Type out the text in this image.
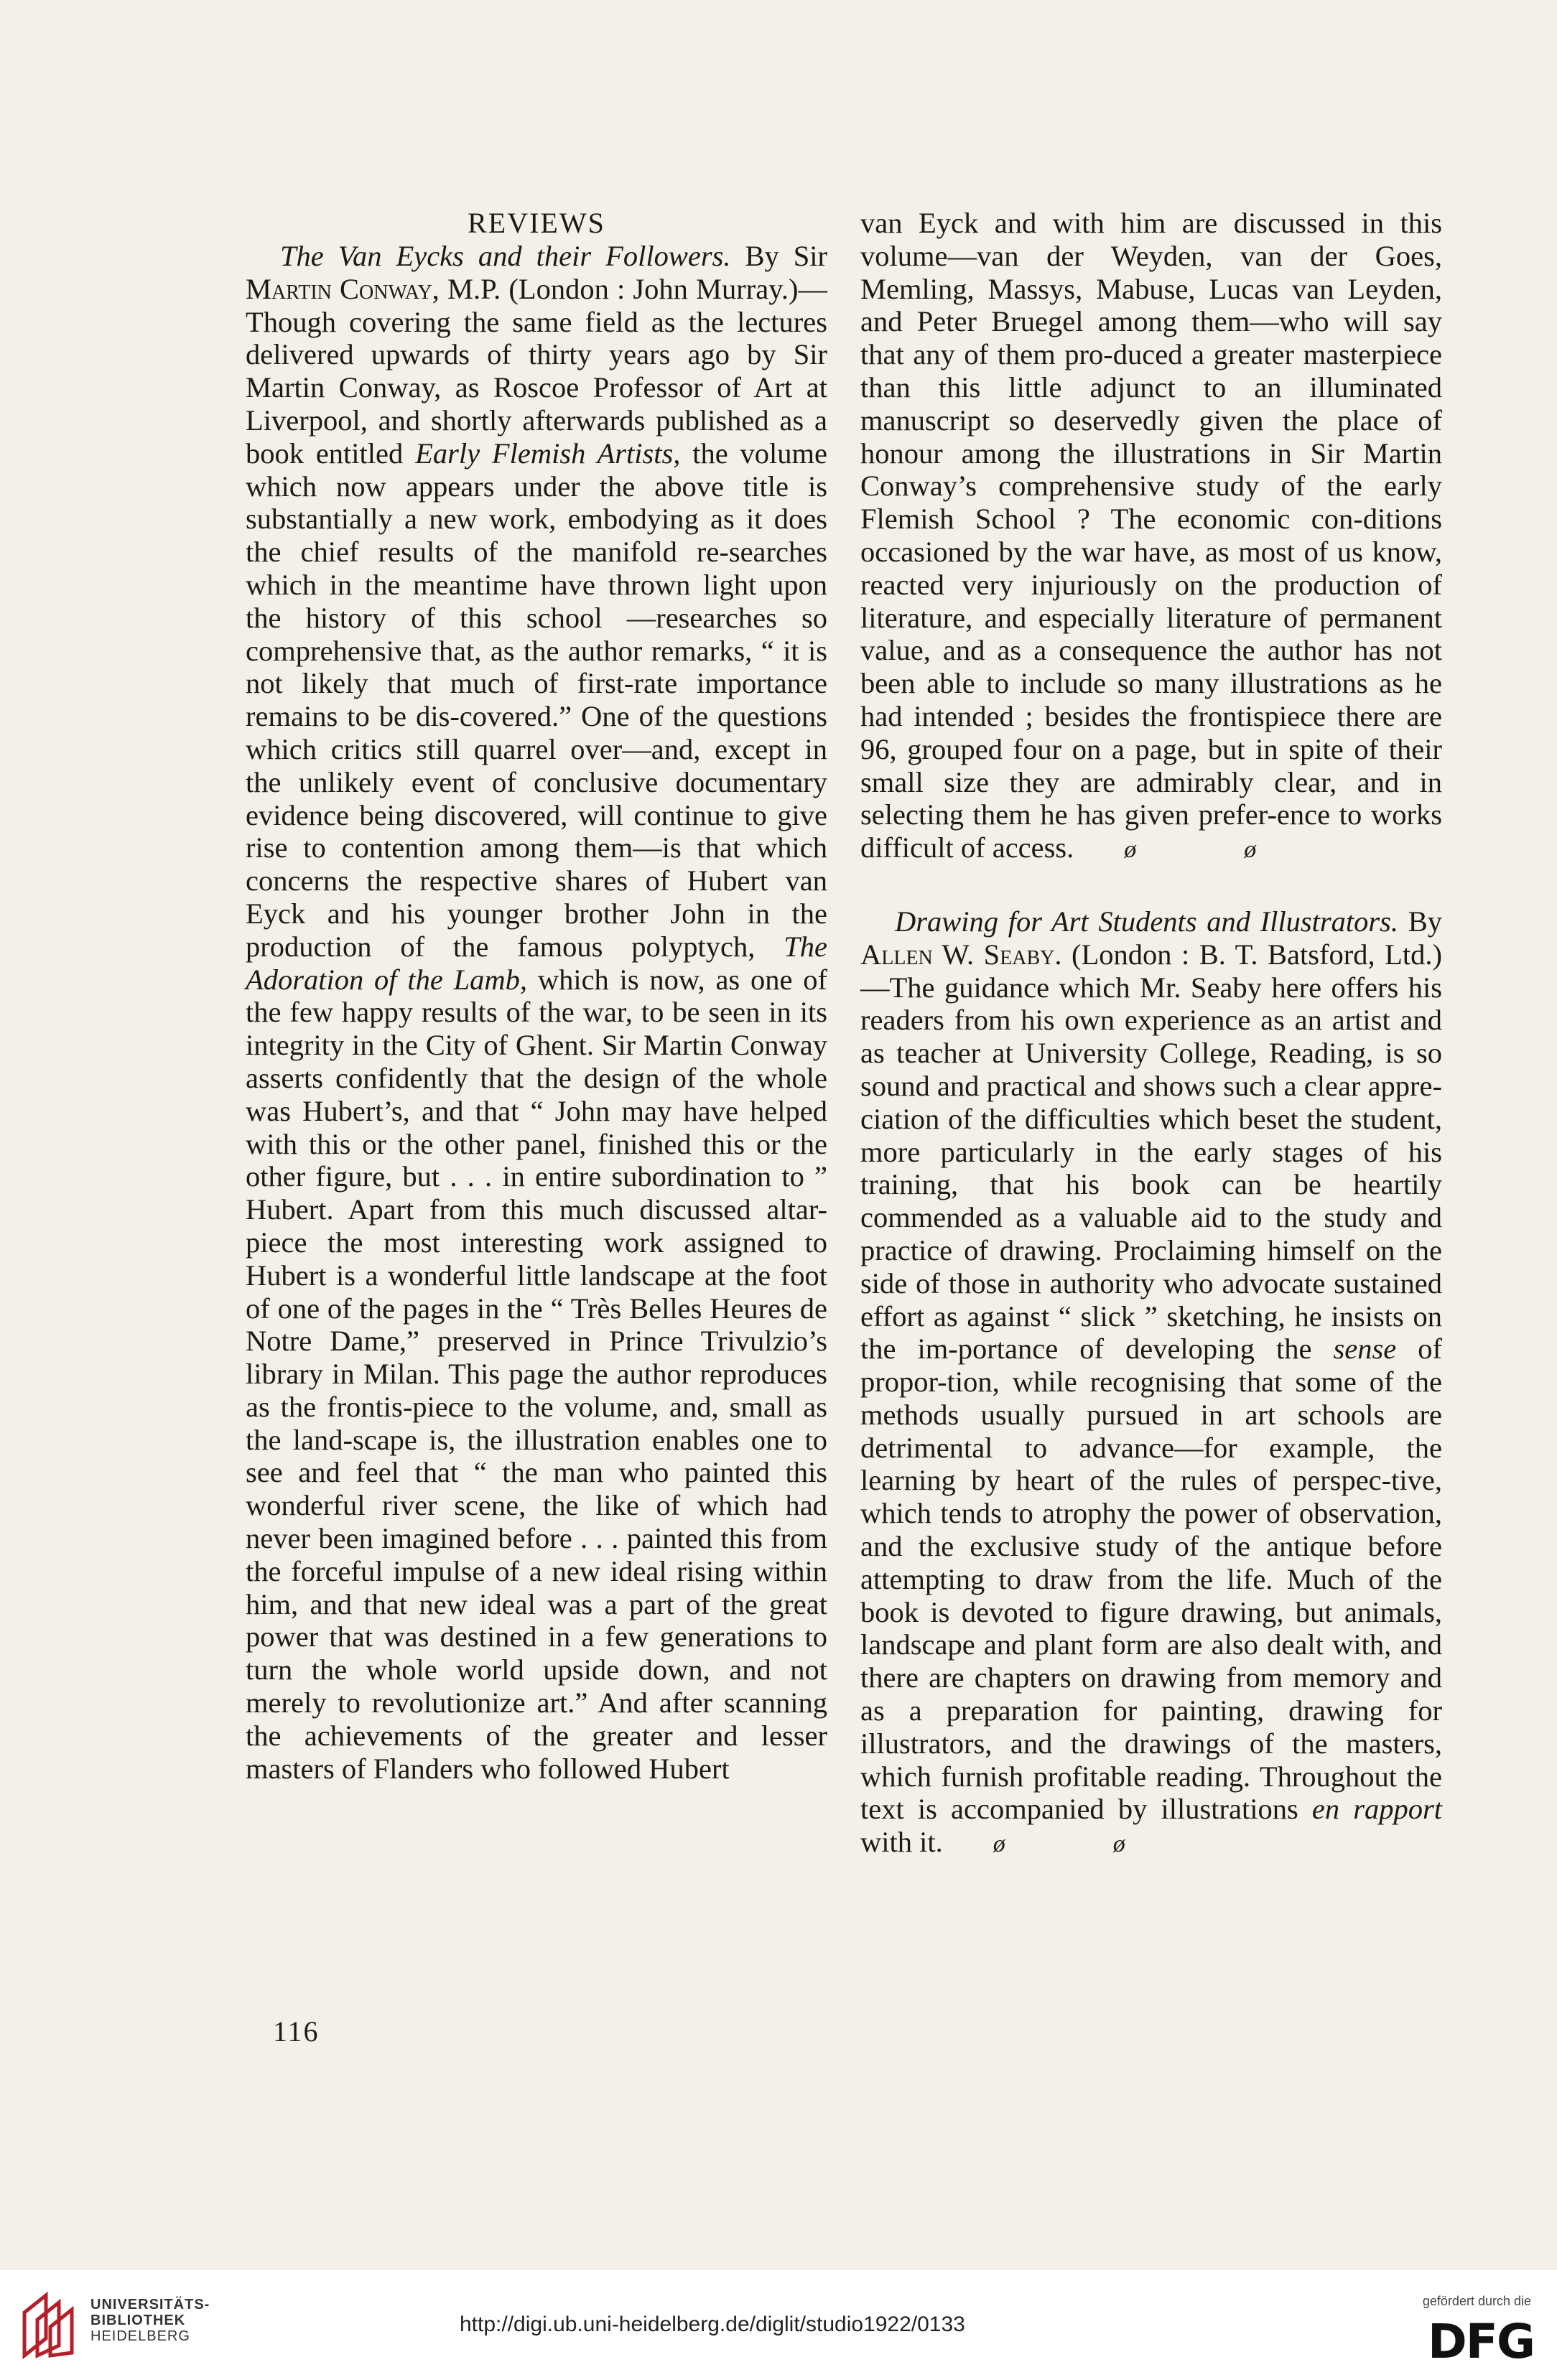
REVIEWS

The Van Eycks and their Followers. By Sir Martin Conway, M.P. (London : John Murray.)—Though covering the same field as the lectures delivered upwards of thirty years ago by Sir Martin Conway, as Roscoe Professor of Art at Liverpool, and shortly afterwards published as a book entitled Early Flemish Artists, the volume which now appears under the above title is substantially a new work, embodying as it does the chief results of the manifold re-searches which in the meantime have thrown light upon the history of this school —researches so comprehensive that, as the author remarks, “ it is not likely that much of first-rate importance remains to be dis-covered.” One of the questions which critics still quarrel over—and, except in the unlikely event of conclusive documentary evidence being discovered, will continue to give rise to contention among them—is that which concerns the respective shares of Hubert van Eyck and his younger brother John in the production of the famous polyptych, The Adoration of the Lamb, which is now, as one of the few happy results of the war, to be seen in its integrity in the City of Ghent. Sir Martin Conway asserts confidently that the design of the whole was Hubert’s, and that “ John may have helped with this or the other panel, finished this or the other figure, but . . . in entire subordination to ” Hubert. Apart from this much discussed altar-piece the most interesting work assigned to Hubert is a wonderful little landscape at the foot of one of the pages in the “ Très Belles Heures de Notre Dame,” preserved in Prince Trivulzio’s library in Milan. This page the author reproduces as the frontis-piece to the volume, and, small as the land-scape is, the illustration enables one to see and feel that “ the man who painted this wonderful river scene, the like of which had never been imagined before . . . painted this from the forceful impulse of a new ideal rising within him, and that new ideal was a part of the great power that was destined in a few generations to turn the whole world upside down, and not merely to revolutionize art.” And after scanning the achievements of the greater and lesser masters of Flanders who followed Hubert

van Eyck and with him are discussed in this volume—van der Weyden, van der Goes, Memling, Massys, Mabuse, Lucas van Leyden, and Peter Bruegel among them—who will say that any of them pro-duced a greater masterpiece than this little adjunct to an illuminated manuscript so deservedly given the place of honour among the illustrations in Sir Martin Conway’s comprehensive study of the early Flemish School ? The economic con-ditions occasioned by the war have, as most of us know, reacted very injuriously on the production of literature, and especially literature of permanent value, and as a consequence the author has not been able to include so many illustrations as he had intended ; besides the frontispiece there are 96, grouped four on a page, but in spite of their small size they are admirably clear, and in selecting them he has given prefer-ence to works difficult of access. ø	ø

Drawing for Art Students and Illustrators. By Allen W. Seaby. (London : B. T. Batsford, Ltd.)—The guidance which Mr. Seaby here offers his readers from his own experience as an artist and as teacher at University College, Reading, is so sound and practical and shows such a clear appre-ciation of the difficulties which beset the student, more particularly in the early stages of his training, that his book can be heartily commended as a valuable aid to the study and practice of drawing. Proclaiming himself on the side of those in authority who advocate sustained effort as against “ slick ” sketching, he insists on the im-portance of developing the sense of propor-tion, while recognising that some of the methods usually pursued in art schools are detrimental to advance—for example, the learning by heart of the rules of perspec-tive, which tends to atrophy the power of observation, and the exclusive study of the antique before attempting to draw from the life. Much of the book is devoted to figure drawing, but animals, landscape and plant form are also dealt with, and there are chapters on drawing from memory and as a preparation for painting, drawing for illustrators, and the drawings of the masters, which furnish profitable reading. Throughout the text is accompanied by illustrations en rapport with it. ø	ø

116
UNIVERSITÄTS-
BIBLIOTHEK
HEIDELBERG	http://digi.ub.uni-heidelberg.de/diglit/studio1922/0133
gefördert durch die
DFG
